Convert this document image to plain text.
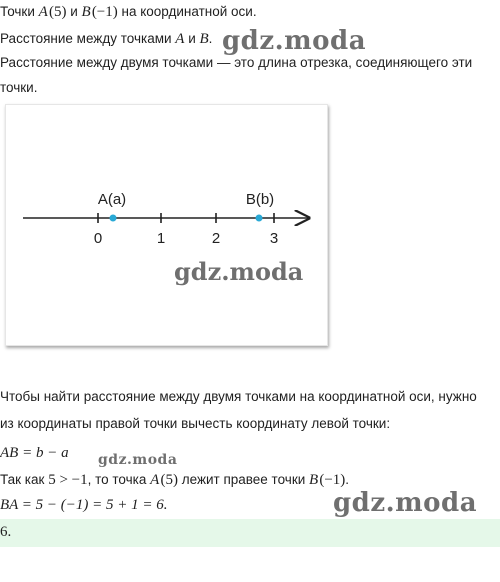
Точки A (5) и B (−1) на координатной оси.
Расстояние между точками A и B. gdz.moda
Расстояние между двумя точками — это длина отрезка, соединяющего эти
точки.
0	1	2	3
A(a)	B(b)
gdz.moda
Чтобы найти расстояние между двумя точками на координатной оси, нужно
из координаты правой точки вычесть координату левой точки:
AB = b − a gdz.moda
Так как 5 > −1, то точка A (5) лежит правее точки B (−1).
BA = 5 − (−1) = 5 + 1 = 6.	gdz.moda
6.
